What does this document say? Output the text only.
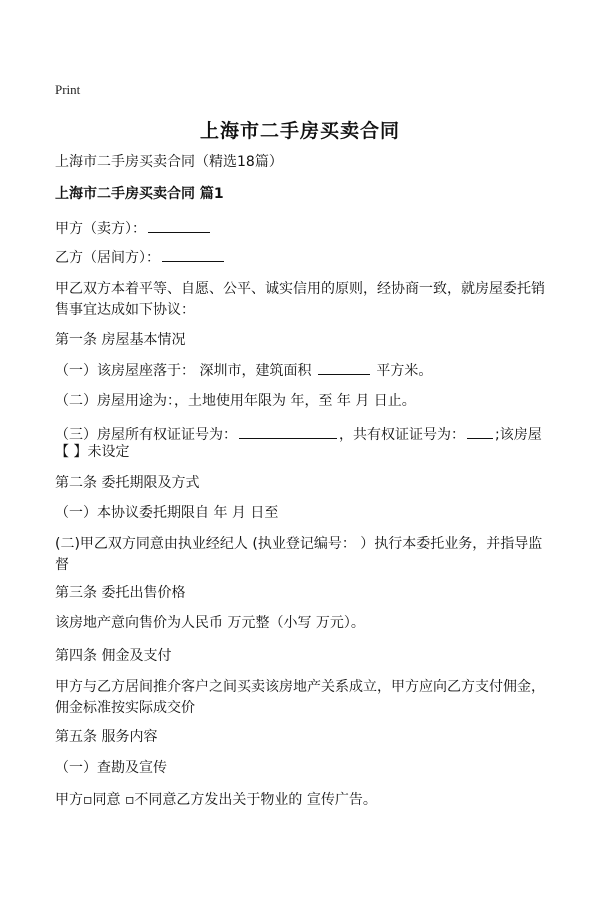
Print
上海市二手房买卖合同
上海市二手房买卖合同（精选18篇）
上海市二手房买卖合同 篇1
甲方（卖方）：
乙方（居间方）：
甲乙双方本着平等、自愿、公平、诚实信用的原则，经协商一致，就房屋委托销售事宜达成如下协议：
第一条 房屋基本情况
（一）该房屋座落于： 深圳市，建筑面积	平方米。
（二）房屋用途为：，土地使用年限为 年，至 年 月 日止。
（三）房屋所有权证证号为：	，共有权证证号为： ;该房屋
【 】未设定
第二条 委托期限及方式
（一）本协议委托期限自 年 月 日至
(二)甲乙双方同意由执业经纪人 (执业登记编号： ）执行本委托业务，并指导监督
第三条 委托出售价格
该房地产意向售价为人民币 万元整（小写 万元）。
第四条 佣金及支付
甲方与乙方居间推介客户之间买卖该房地产关系成立，甲方应向乙方支付佣金，佣金标准按实际成交价
第五条 服务内容
（一）查勘及宣传
甲方▫同意 ▫不同意乙方发出关于物业的 宣传广告。
